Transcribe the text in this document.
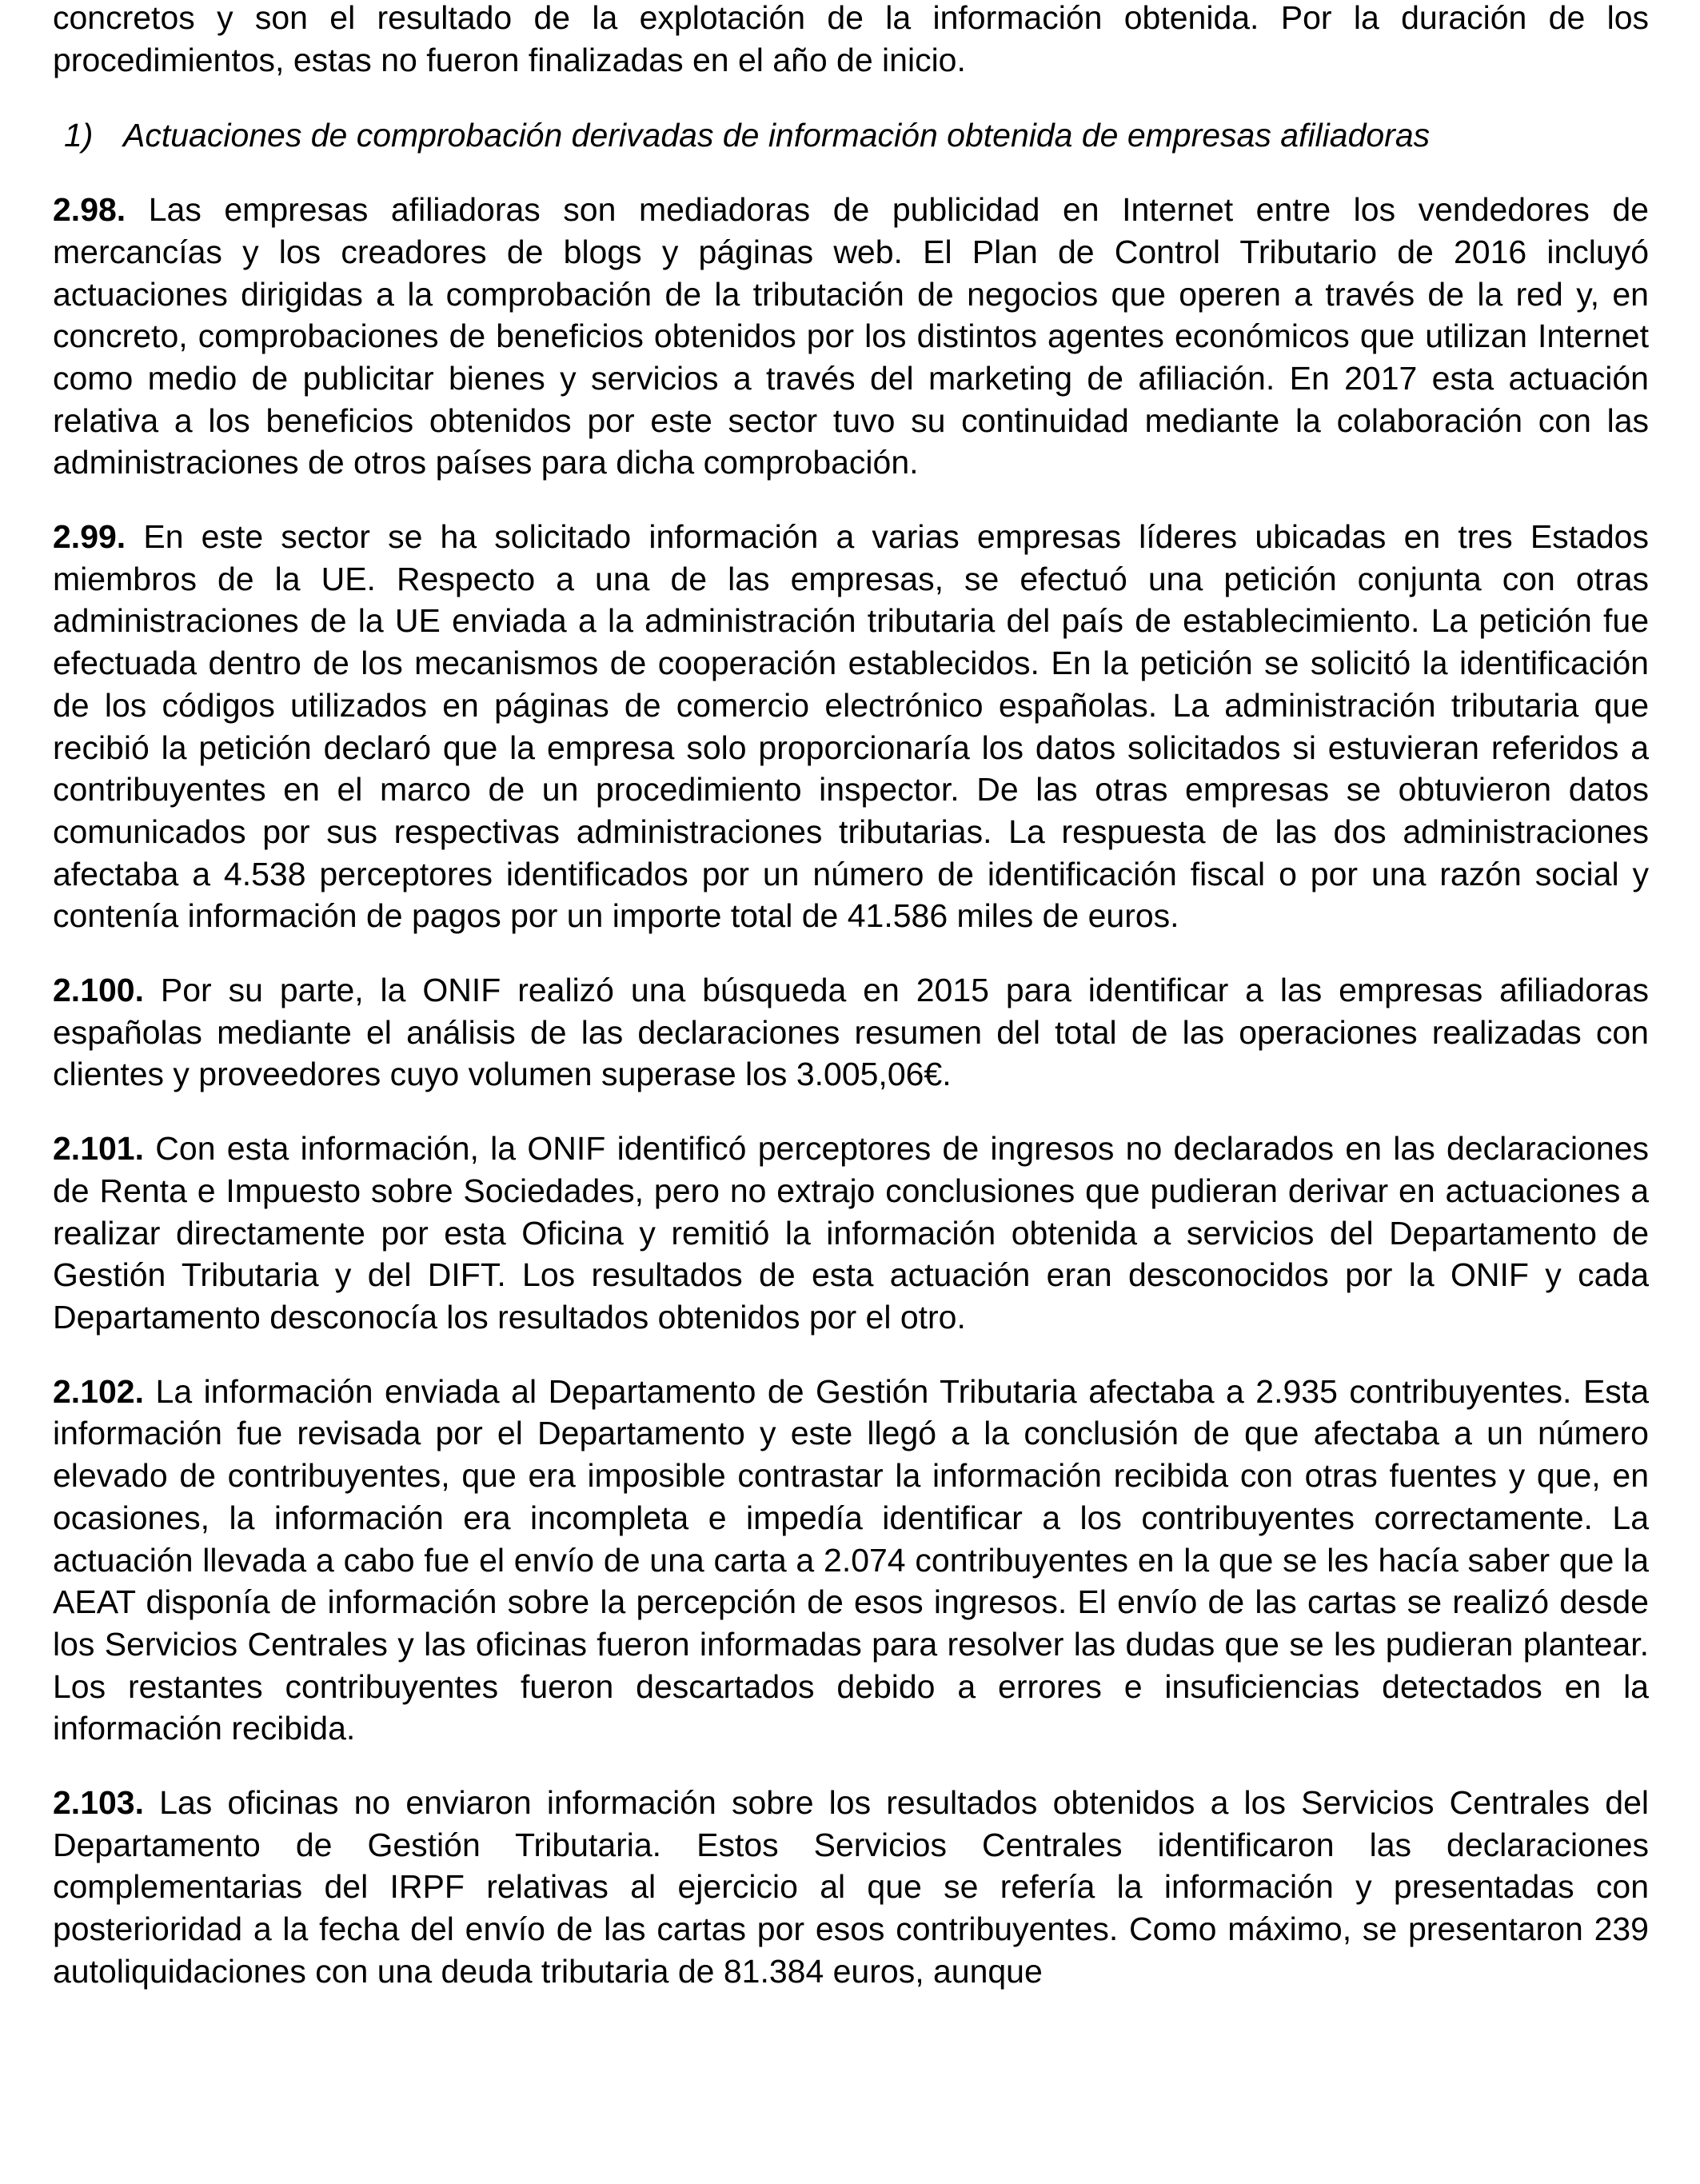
concretos y son el resultado de la explotación de la información obtenida. Por la duración de los procedimientos, estas no fueron finalizadas en el año de inicio.

1) Actuaciones de comprobación derivadas de información obtenida de empresas afiliadoras

2.98. Las empresas afiliadoras son mediadoras de publicidad en Internet entre los vendedores de mercancías y los creadores de blogs y páginas web. El Plan de Control Tributario de 2016 incluyó actuaciones dirigidas a la comprobación de la tributación de negocios que operen a través de la red y, en concreto, comprobaciones de beneficios obtenidos por los distintos agentes económicos que utilizan Internet como medio de publicitar bienes y servicios a través del marketing de afiliación. En 2017 esta actuación relativa a los beneficios obtenidos por este sector tuvo su continuidad mediante la colaboración con las administraciones de otros países para dicha comprobación.

2.99. En este sector se ha solicitado información a varias empresas líderes ubicadas en tres Estados miembros de la UE. Respecto a una de las empresas, se efectuó una petición conjunta con otras administraciones de la UE enviada a la administración tributaria del país de establecimiento. La petición fue efectuada dentro de los mecanismos de cooperación establecidos. En la petición se solicitó la identificación de los códigos utilizados en páginas de comercio electrónico españolas. La administración tributaria que recibió la petición declaró que la empresa solo proporcionaría los datos solicitados si estuvieran referidos a contribuyentes en el marco de un procedimiento inspector. De las otras empresas se obtuvieron datos comunicados por sus respectivas administraciones tributarias. La respuesta de las dos administraciones afectaba a 4.538 perceptores identificados por un número de identificación fiscal o por una razón social y contenía información de pagos por un importe total de 41.586 miles de euros.

2.100. Por su parte, la ONIF realizó una búsqueda en 2015 para identificar a las empresas afiliadoras españolas mediante el análisis de las declaraciones resumen del total de las operaciones realizadas con clientes y proveedores cuyo volumen superase los 3.005,06€.

2.101. Con esta información, la ONIF identificó perceptores de ingresos no declarados en las declaraciones de Renta e Impuesto sobre Sociedades, pero no extrajo conclusiones que pudieran derivar en actuaciones a realizar directamente por esta Oficina y remitió la información obtenida a servicios del Departamento de Gestión Tributaria y del DIFT. Los resultados de esta actuación eran desconocidos por la ONIF y cada Departamento desconocía los resultados obtenidos por el otro.

2.102. La información enviada al Departamento de Gestión Tributaria afectaba a 2.935 contribuyentes. Esta información fue revisada por el Departamento y este llegó a la conclusión de que afectaba a un número elevado de contribuyentes, que era imposible contrastar la información recibida con otras fuentes y que, en ocasiones, la información era incompleta e impedía identificar a los contribuyentes correctamente. La actuación llevada a cabo fue el envío de una carta a 2.074 contribuyentes en la que se les hacía saber que la AEAT disponía de información sobre la percepción de esos ingresos. El envío de las cartas se realizó desde los Servicios Centrales y las oficinas fueron informadas para resolver las dudas que se les pudieran plantear. Los restantes contribuyentes fueron descartados debido a errores e insuficiencias detectados en la información recibida.

2.103. Las oficinas no enviaron información sobre los resultados obtenidos a los Servicios Centrales del Departamento de Gestión Tributaria. Estos Servicios Centrales identificaron las declaraciones complementarias del IRPF relativas al ejercicio al que se refería la información y presentadas con posterioridad a la fecha del envío de las cartas por esos contribuyentes. Como máximo, se presentaron 239 autoliquidaciones con una deuda tributaria de 81.384 euros, aunque
